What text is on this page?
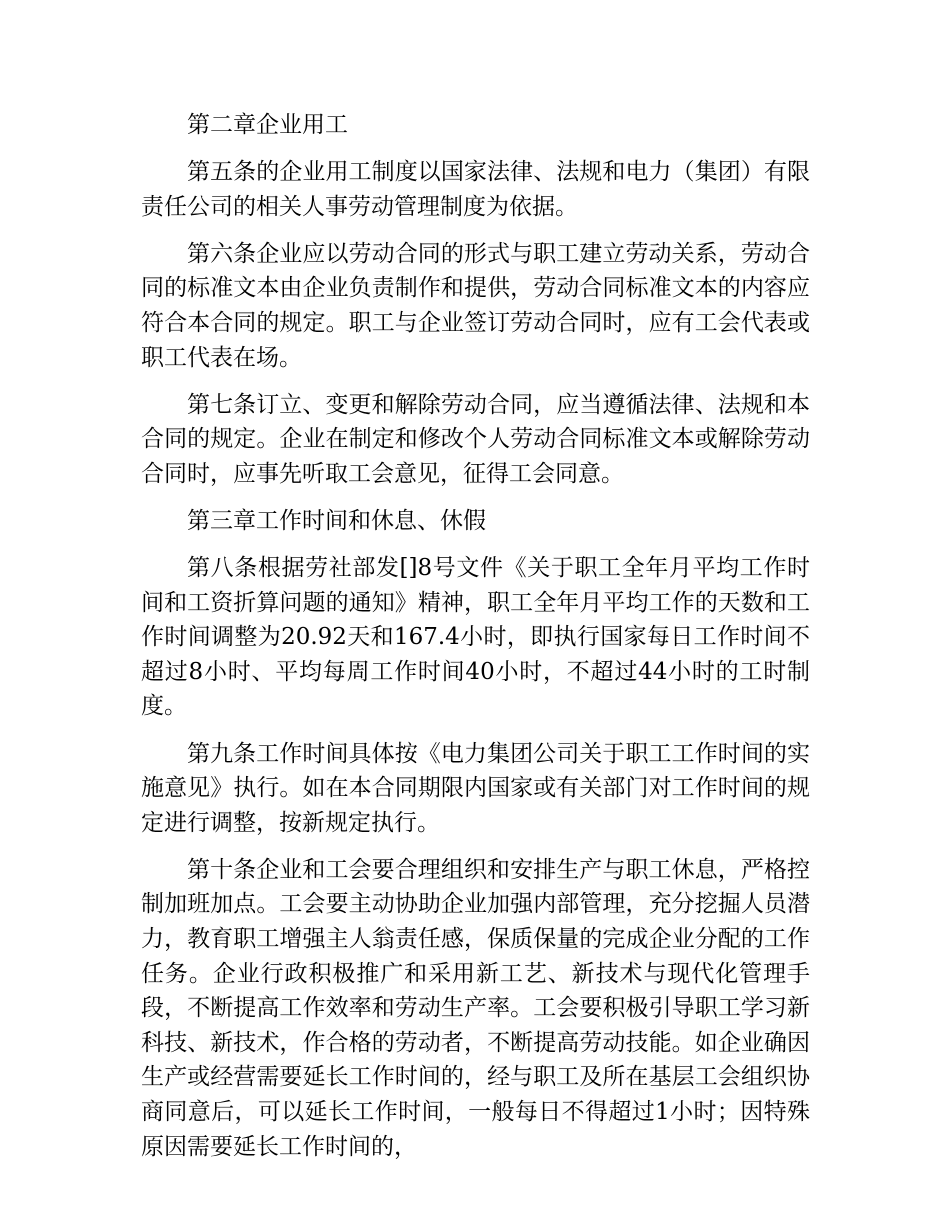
第二章企业用工

第五条的企业用工制度以国家法律、法规和电力（集团）有限责任公司的相关人事劳动管理制度为依据。

第六条企业应以劳动合同的形式与职工建立劳动关系，劳动合同的标准文本由企业负责制作和提供，劳动合同标准文本的内容应符合本合同的规定。职工与企业签订劳动合同时，应有工会代表或职工代表在场。

第七条订立、变更和解除劳动合同，应当遵循法律、法规和本合同的规定。企业在制定和修改个人劳动合同标准文本或解除劳动合同时，应事先听取工会意见，征得工会同意。

第三章工作时间和休息、休假

第八条根据劳社部发[]8号文件《关于职工全年月平均工作时间和工资折算问题的通知》精神，职工全年月平均工作的天数和工作时间调整为20.92天和167.4小时，即执行国家每日工作时间不超过8小时、平均每周工作时间40小时，不超过44小时的工时制度。

第九条工作时间具体按《电力集团公司关于职工工作时间的实施意见》执行。如在本合同期限内国家或有关部门对工作时间的规定进行调整，按新规定执行。

第十条企业和工会要合理组织和安排生产与职工休息，严格控制加班加点。工会要主动协助企业加强内部管理，充分挖掘人员潜力，教育职工增强主人翁责任感，保质保量的完成企业分配的工作任务。企业行政积极推广和采用新工艺、新技术与现代化管理手段，不断提高工作效率和劳动生产率。工会要积极引导职工学习新科技、新技术，作合格的劳动者，不断提高劳动技能。如企业确因生产或经营需要延长工作时间的，经与职工及所在基层工会组织协商同意后，可以延长工作时间，一般每日不得超过1小时；因特殊原因需要延长工作时间的，
